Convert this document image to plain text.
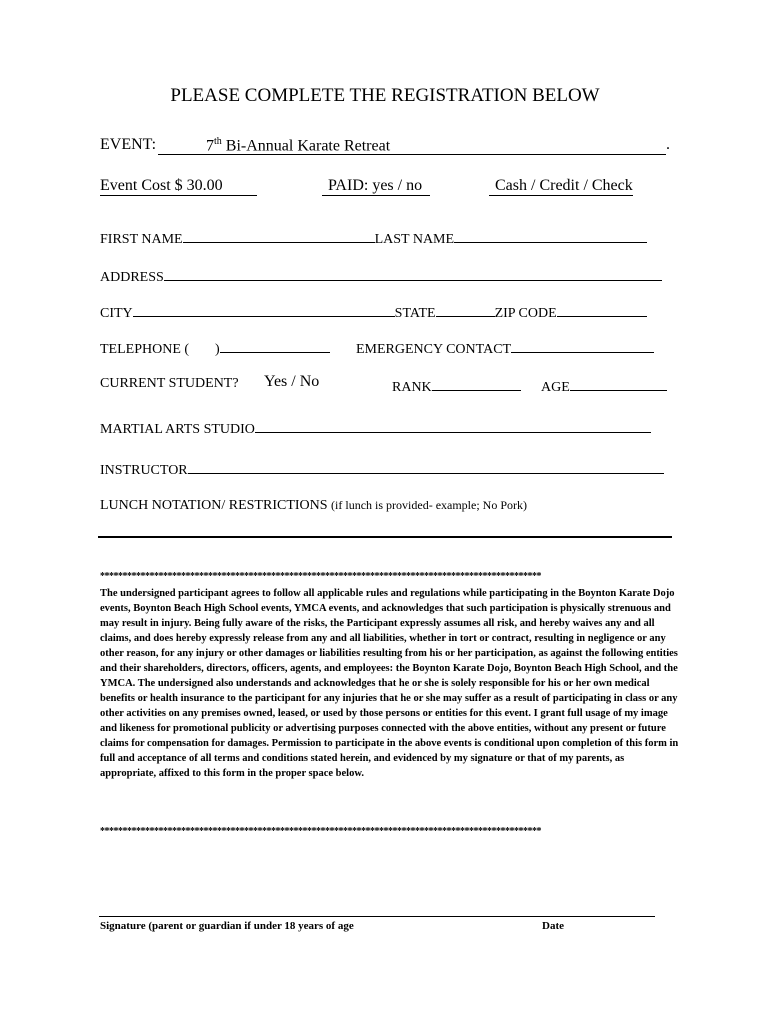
PLEASE COMPLETE THE REGISTRATION BELOW
EVENT:	7th Bi-Annual Karate Retreat	.
Event Cost $ 30.00	PAID: yes / no	Cash / Credit / Check
FIRST NAME	LAST NAME
ADDRESS
CITY	STATE	ZIP CODE
TELEPHONE ( )	EMERGENCY CONTACT
CURRENT STUDENT? Yes / No	RANK	AGE
MARTIAL ARTS STUDIO
INSTRUCTOR
LUNCH NOTATION/ RESTRICTIONS (if lunch is provided- example; No Pork)
**************************************************************************************************
The undersigned participant agrees to follow all applicable rules and regulations while participating in the Boynton Karate Dojo events, Boynton Beach High School events, YMCA events, and acknowledges that such participation is physically strenuous and may result in injury. Being fully aware of the risks, the Participant expressly assumes all risk, and hereby waives any and all claims, and does hereby expressly release from any and all liabilities, whether in tort or contract, resulting in negligence or any other reason, for any injury or other damages or liabilities resulting from his or her participation, as against the following entities and their shareholders, directors, officers, agents, and employees: the Boynton Karate Dojo, Boynton Beach High School, and the YMCA. The undersigned also understands and acknowledges that he or she is solely responsible for his or her own medical benefits or health insurance to the participant for any injuries that he or she may suffer as a result of participating in class or any other activities on any premises owned, leased, or used by those persons or entities for this event. I grant full usage of my image and likeness for promotional publicity or advertising purposes connected with the above entities, without any present or future claims for compensation for damages. Permission to participate in the above events is conditional upon completion of this form in full and acceptance of all terms and conditions stated herein, and evidenced by my signature or that of my parents, as appropriate, affixed to this form in the proper space below.
**************************************************************************************************
Signature (parent or guardian if under 18 years of age	Date
